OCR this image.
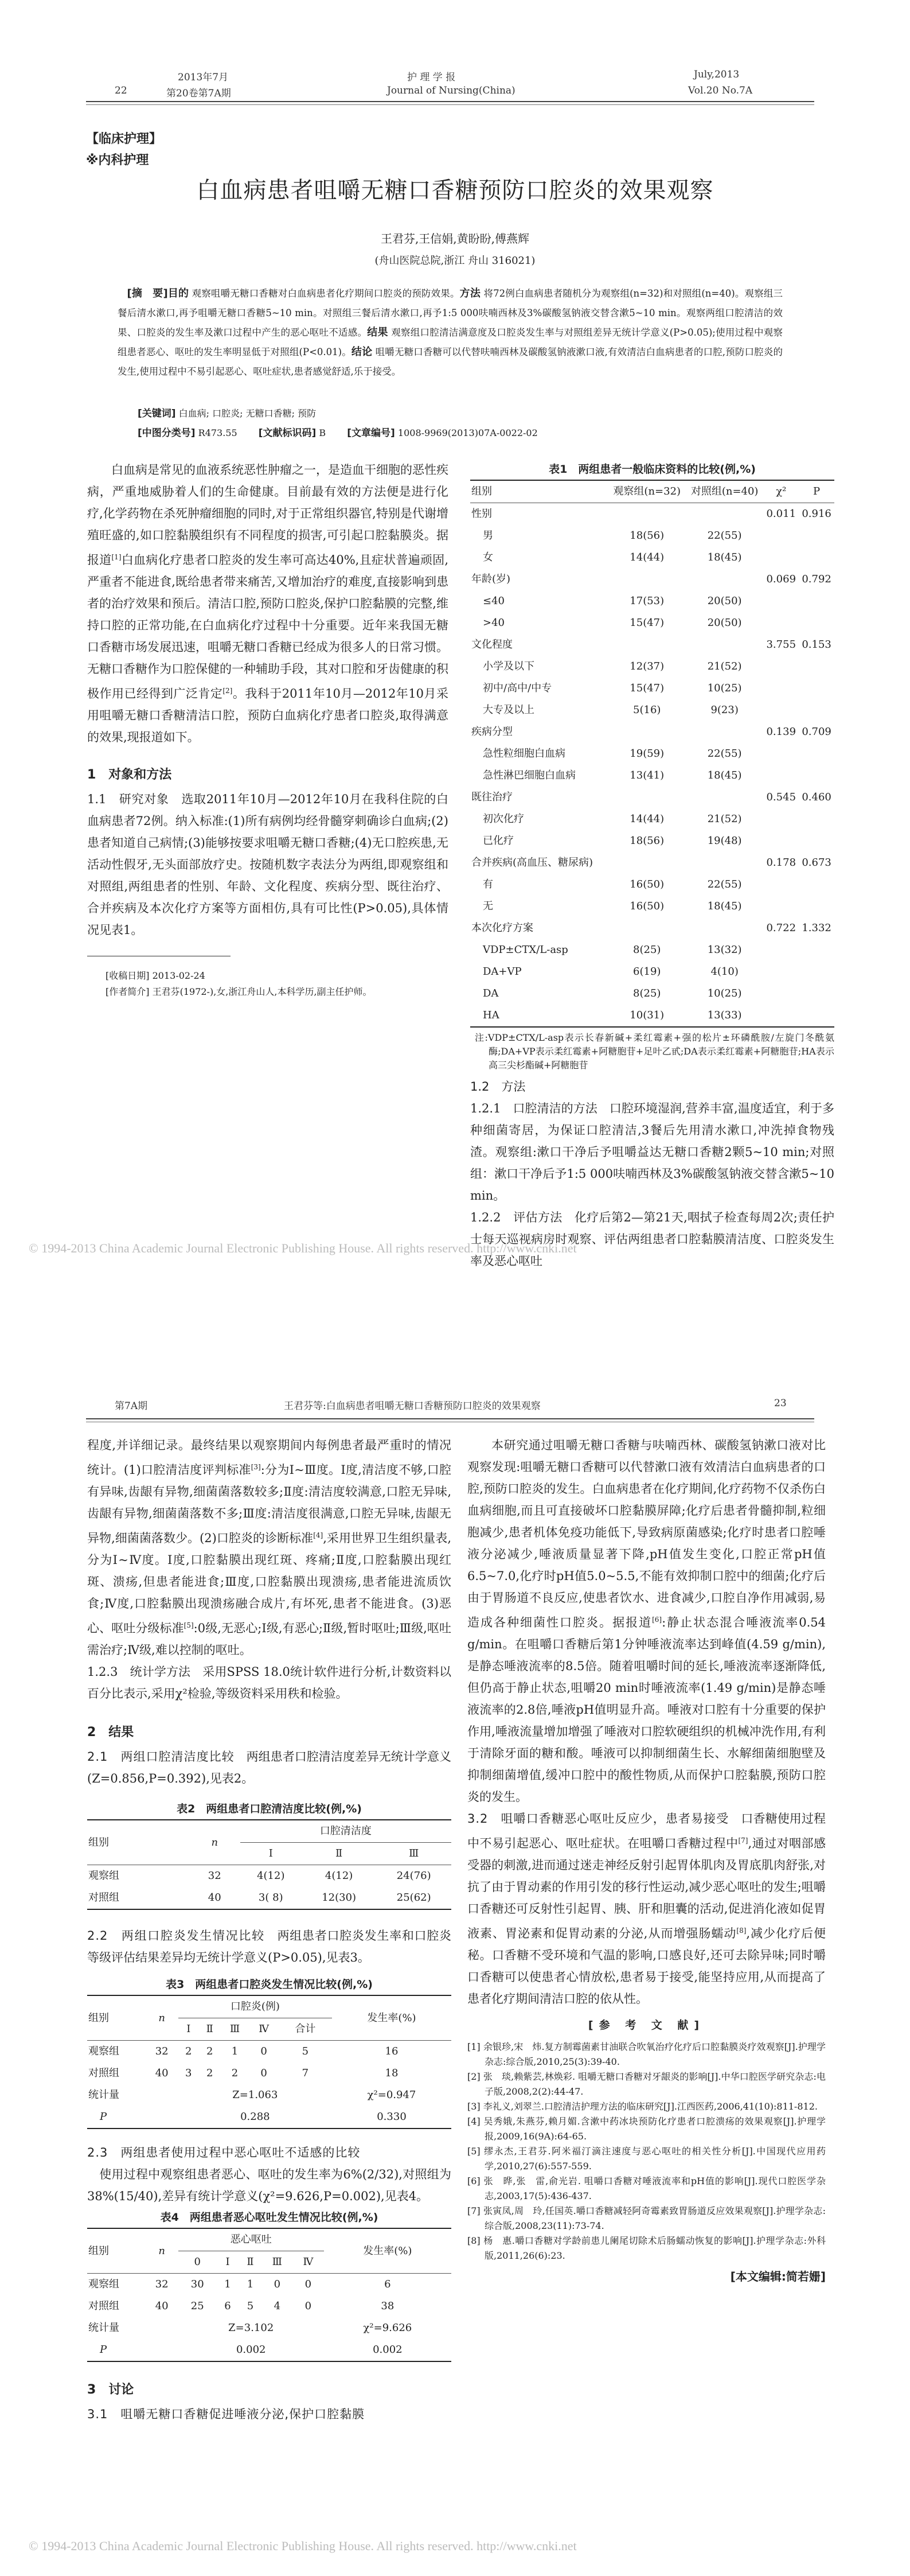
2013年7月	护 理 学 报	July,2013
22	第20卷第7A期	Journal of Nursing(China)	Vol.20 No.7A
【临床护理】
※内科护理
白血病患者咀嚼无糖口香糖预防口腔炎的效果观察
王君芬,王信娟,黄盼盼,傅燕辉
(舟山医院总院,浙江 舟山 316021)
 [摘　要]目的 观察咀嚼无糖口香糖对白血病患者化疗期间口腔炎的预防效果。方法 将72例白血病患者随机分为观察组(n=32)和对照组(n=40)。观察组三餐后清水漱口,再予咀嚼无糖口香糖5~10 min。对照组三餐后清水漱口,再予1:5 000呋喃西林及3%碳酸氢钠液交替含漱5~10 min。观察两组口腔清洁的效果、口腔炎的发生率及漱口过程中产生的恶心呕吐不适感。结果 观察组口腔清洁满意度及口腔炎发生率与对照组差异无统计学意义(P>0.05);使用过程中观察组患者恶心、呕吐的发生率明显低于对照组(P<0.01)。结论 咀嚼无糖口香糖可以代替呋喃西林及碳酸氢钠液漱口液,有效清洁白血病患者的口腔,预防口腔炎的发生,使用过程中不易引起恶心、呕吐症状,患者感觉舒适,乐于接受。
[关键词] 白血病; 口腔炎; 无糖口香糖; 预防
[中图分类号] R473.55   [文献标识码] B   [文章编号] 1008-9969(2013)07A-0022-02

白血病是常见的血液系统恶性肿瘤之一，是造血干细胞的恶性疾病，严重地威胁着人们的生命健康。目前最有效的方法便是进行化疗,化学药物在杀死肿瘤细胞的同时,对于正常组织器官,特别是代谢增殖旺盛的,如口腔黏膜组织有不同程度的损害,可引起口腔黏膜炎。据报道[1]白血病化疗患者口腔炎的发生率可高达40%,且症状普遍顽固,严重者不能进食,既给患者带来痛苦,又增加治疗的难度,直接影响到患者的治疗效果和预后。清洁口腔,预防口腔炎,保护口腔黏膜的完整,维持口腔的正常功能,在白血病化疗过程中十分重要。近年来我国无糖口香糖市场发展迅速，咀嚼无糖口香糖已经成为很多人的日常习惯。无糖口香糖作为口腔保健的一种辅助手段，其对口腔和牙齿健康的积极作用已经得到广泛肯定[2]。我科于2011年10月—2012年10月采用咀嚼无糖口香糖清洁口腔，预防白血病化疗患者口腔炎,取得满意的效果,现报道如下。

1　对象和方法

1.1　研究对象  选取2011年10月—2012年10月在我科住院的白血病患者72例。纳入标准:(1)所有病例均经骨髓穿刺确诊白血病;(2)患者知道自己病情;(3)能够按要求咀嚼无糖口香糖;(4)无口腔疾患,无活动性假牙,无头面部放疗史。按随机数字表法分为两组,即观察组和对照组,两组患者的性别、年龄、文化程度、疾病分型、既往治疗、合并疾病及本次化疗方案等方面相仿,具有可比性(P>0.05),具体情况见表1。

[收稿日期] 2013-02-24
[作者简介] 王君芬(1972-),女,浙江舟山人,本科学历,副主任护师。
表1　两组患者一般临床资料的比较(例,%)
组别	观察组(n=32)	对照组(n=40)	χ²	P
性别			0.011	0.916
男	18(56)	22(55)		
女	14(44)	18(45)		
年龄(岁)			0.069	0.792
≤40	17(53)	20(50)		
>40	15(47)	20(50)		
文化程度			3.755	0.153
小学及以下	12(37)	21(52)		
初中/高中/中专	15(47)	10(25)		
大专及以上	5(16)	9(23)		
疾病分型			0.139	0.709
急性粒细胞白血病	19(59)	22(55)		
急性淋巴细胞白血病	13(41)	18(45)		
既往治疗			0.545	0.460
初次化疗	14(44)	21(52)		
已化疗	18(56)	19(48)		
合并疾病(高血压、糖尿病)			0.178	0.673
有	16(50)	22(55)		
无	16(50)	18(45)		
本次化疗方案			0.722	1.332
VDP±CTX/L-asp	8(25)	13(32)		
DA+VP	6(19)	4(10)		
DA	8(25)	10(25)		
HA	10(31)	13(33)		
注:VDP±CTX/L-asp表示长春新碱+柔红霉素+强的松片±环磷酰胺/左旋门冬酰氨酶;DA+VP表示柔红霉素+阿糖胞苷+足叶乙甙;DA表示柔红霉素+阿糖胞苷;HA表示高三尖杉酯碱+阿糖胞苷
1.2　方法

1.2.1　口腔清洁的方法  口腔环境湿润,营养丰富,温度适宜，利于多种细菌寄居，为保证口腔清洁,3餐后先用清水漱口,冲洗掉食物残渣。观察组:漱口干净后予咀嚼益达无糖口香糖2颗5~10 min;对照组：漱口干净后予1:5 000呋喃西林及3%碳酸氢钠液交替含漱5~10 min。

1.2.2　评估方法  化疗后第2—第21天,咽拭子检查每周2次;责任护士每天巡视病房时观察、评估两组患者口腔黏膜清洁度、口腔炎发生率及恶心呕吐

© 1994-2013 China Academic Journal Electronic Publishing House. All rights reserved. http://www.cnki.net
第7A期	王君芬等:白血病患者咀嚼无糖口香糖预防口腔炎的效果观察	23

程度,并详细记录。最终结果以观察期间内每例患者最严重时的情况统计。(1)口腔清洁度评判标准[3]:分为Ⅰ~Ⅲ度。Ⅰ度,清洁度不够,口腔有异味,齿龈有异物,细菌菌落数较多;Ⅱ度:清洁度较满意,口腔无异味,齿龈有异物,细菌菌落数不多;Ⅲ度:清洁度很满意,口腔无异味,齿龈无异物,细菌菌落数少。(2)口腔炎的诊断标准[4],采用世界卫生组织量表,分为Ⅰ~Ⅳ度。Ⅰ度,口腔黏膜出现红斑、疼痛;Ⅱ度,口腔黏膜出现红斑、溃疡,但患者能进食;Ⅲ度,口腔黏膜出现溃疡,患者能进流质饮食;Ⅳ度,口腔黏膜出现溃疡融合成片,有坏死,患者不能进食。(3)恶心、呕吐分级标准[5]:0级,无恶心;Ⅰ级,有恶心;Ⅱ级,暂时呕吐;Ⅲ级,呕吐需治疗;Ⅳ级,难以控制的呕吐。

1.2.3　统计学方法  采用SPSS 18.0统计软件进行分析,计数资料以百分比表示,采用χ²检验,等级资料采用秩和检验。

2　结果

2.1　两组口腔清洁度比较  两组患者口腔清洁度差异无统计学意义(Z=0.856,P=0.392),见表2。

表2　两组患者口腔清洁度比较(例,%)
组别	n	口腔清洁度		
		Ⅰ	Ⅱ	Ⅲ
观察组	32	4(12)	4(12)	24(76)
对照组	40	3( 8)	12(30)	25(62)

2.2　两组口腔炎发生情况比较  两组患者口腔炎发生率和口腔炎等级评估结果差异均无统计学意义(P>0.05),见表3。

表3　两组患者口腔炎发生情况比较(例,%)
组别	n	口腔炎(例)					发生率(%)
		Ⅰ	Ⅱ	Ⅲ	Ⅳ	合计	
观察组	32	2	2	1	0	5	16
对照组	40	3	2	2	0	7	18
统计量		Z=1.063					χ²=0.947
P		0.288					0.330

2.3　两组患者使用过程中恶心呕吐不适感的比较
 使用过程中观察组患者恶心、呕吐的发生率为6%(2/32),对照组为38%(15/40),差异有统计学意义(χ²=9.626,P=0.002),见表4。

表4　两组患者恶心呕吐发生情况比较(例,%)
组别	n	恶心呕吐					发生率(%)
		0	Ⅰ	Ⅱ	Ⅲ	Ⅳ	
观察组	32	30	1	1	0	0	6
对照组	40	25	6	5	4	0	38
统计量		Z=3.102					χ²=9.626
P		0.002					0.002
3　讨论

3.1　咀嚼无糖口香糖促进唾液分泌,保护口腔黏膜

本研究通过咀嚼无糖口香糖与呋喃西林、碳酸氢钠漱口液对比观察发现:咀嚼无糖口香糖可以代替漱口液有效清洁白血病患者的口腔,预防口腔炎的发生。白血病患者在化疗期间,化疗药物不仅杀伤白血病细胞,而且可直接破坏口腔黏膜屏障;化疗后患者骨髓抑制,粒细胞减少,患者机体免疫功能低下,导致病原菌感染;化疗时患者口腔唾液分泌减少,唾液质量显著下降,pH值发生变化,口腔正常pH值6.5~7.0,化疗时pH值5.0~5.5,不能有效抑制口腔中的细菌;化疗后由于胃肠道不良反应,使患者饮水、进食减少,口腔自净作用减弱,易造成各种细菌性口腔炎。据报道[6]:静止状态混合唾液流率0.54 g/min。在咀嚼口香糖后第1分钟唾液流率达到峰值(4.59 g/min),是静态唾液流率的8.5倍。随着咀嚼时间的延长,唾液流率逐渐降低,但仍高于静止状态,咀嚼20 min时唾液流率(1.49 g/min)是静态唾液流率的2.8倍,唾液pH值明显升高。唾液对口腔有十分重要的保护作用,唾液流量增加增强了唾液对口腔软硬组织的机械冲洗作用,有利于清除牙面的糖和酸。唾液可以抑制细菌生长、水解细菌细胞壁及抑制细菌增值,缓冲口腔中的酸性物质,从而保护口腔黏膜,预防口腔炎的发生。

3.2　咀嚼口香糖恶心呕吐反应少，患者易接受  口香糖使用过程中不易引起恶心、呕吐症状。在咀嚼口香糖过程中[7],通过对咽部感受器的刺激,进而通过迷走神经反射引起胃体肌肉及胃底肌肉舒张,对抗了由于胃动素的作用引发的移行性运动,减少恶心呕吐的发生;咀嚼口香糖还可反射性引起胃、胰、肝和胆囊的活动,促进消化液如促胃液素、胃泌素和促胃动素的分泌,从而增强肠蠕动[8],减少化疗后便秘。口香糖不受环境和气温的影响,口感良好,还可去除异味;同时嚼口香糖可以使患者心情放松,患者易于接受,能坚持应用,从而提高了患者化疗期间清洁口腔的依从性。

[参 考 文 献]
[1] 余银珍,宋　炜.复方制霉菌素甘油联合吹氧治疗化疗后口腔黏膜炎疗效观察[J].护理学杂志:综合版,2010,25(3):39-40.
[2] 张　琰,赖紫芸,林焕彩. 咀嚼无糖口香糖对牙龈炎的影响[J].中华口腔医学研究杂志:电子版,2008,2(2):44-47.
[3] 李礼义,刘翠兰.口腔清洁护理方法的临床研究[J].江西医药,2006,41(10):811-812.
[4] 吴秀娥,朱燕芬,赖月媚.含漱中药冰块预防化疗患者口腔溃疡的效果观察[J].护理学报,2009,16(9A):64-65.
[5] 缪永杰,王君芬.阿米福汀滴注速度与恶心呕吐的相关性分析[J].中国现代应用药学,2010,27(6):557-559.
[6] 张　晔,张　雷,俞光岩. 咀嚼口香糖对唾液流率和pH值的影响[J].现代口腔医学杂志,2003,17(5):436-437.
[7] 张寅凤,周　玲,任国英.嚼口香糖减轻阿奇霉素致胃肠道反应效果观察[J].护理学杂志:综合版,2008,23(11):73-74.
[8] 杨　惠.嚼口香糖对学龄前患儿阑尾切除术后肠蠕动恢复的影响[J].护理学杂志:外科版,2011,26(6):23.
[本文编辑:简若姗]
© 1994-2013 China Academic Journal Electronic Publishing House. All rights reserved. http://www.cnki.net
